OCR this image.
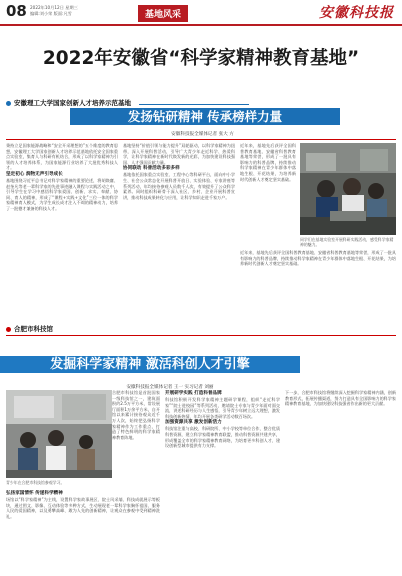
08 2022年10月12日 星期三
编辑:刘小荣 版面:凡雪	基地风采	安徽科技报
2022年安徽省“科学家精神教育基地”
安徽理工大学国家创新人才培养示范基地
发扬钻研精神 传承榜样力量
安徽科技报全媒体记者 张大 方

秉持立足国家能源战略和“安全开采理想的”五个维度的教育思想，安徽理工大学国家创新人才培养示范基地依托安全国家重点实验室，集育人与科研有机结合，形成了以科学家精神为引领的人才培养体系，为国家能源行业培养了大批优秀科技人才。

坚定初心 润物无声引导成长

基地围绕习近平总书记对科学家精神的重要论述，将胡焕庸、赵奎凡等老一辈科学家的先进事迹融入课程与实践活动之中，引导学生在学习中感悟科学家爱国、创新、求实、奉献、协同、育人的精神，形成了“课程+实践+文化”三位一体的科学家精神育人模式，为学生成长成才注入不竭的精神动力，培养了一批德才兼备的科技人才。

基地坚持“价值引领与能力提升”双轮驱动，以科学家精神为纽带，深入开展科普活动，引导广大青少年走近科学、热爱科学，让科学家精神在新时代焕发新的光彩，为加快建设科技强国、人才强国贡献力量。

协同联动 科普活动多彩多样

基地依托国家重点实验室、工程中心等科研平台，面向中小学生、社会公众常态化开展科普开放日、实验体验、专家讲座等系列活动，年均接待参观人员数千人次，有效提升了公众科学素养。同时组织科研骨干深入社区、乡村、企业开展科普宣讲，推动科技成果转化与应用，让科学知识走进千家万户。

近年来，基地先后获评全国科普教育基地、安徽省科普教育基地等荣誉，形成了一批具有影响力的科普品牌，持续推动科学家精神在青少年群体中落地生根、开花结果，为培养新时代创新人才奠定坚实基础。

近年来，基地先后获评全国科普教育基地、安徽省科普教育基地等荣誉，形成了一批具有影响力的科普品牌，持续推动科学家精神在青少年群体中落地生根、开花结果，为培养新时代创新人才奠定坚实基础。

同学们在基地实验室开展科研实践活动，感受科学家精神的魅力。
合肥市科技馆
发掘科学家精神 激活科创人才引擎
安徽科技报全媒体记者 王一 实习记者 刘丽
青少年在合肥市科技馆参观学习。

合肥市科技馆是首批国家一级科技馆之一，建筑面积约2.5万平方米，常设展厅面积1万余平方米，自开馆以来累计接待观众近千万人次，始终把弘扬科学家精神作为工作重点，打造了特色鲜明的科学家精神教育阵地。

弘扬家国情怀 传递科学精神

场馆以“科学家精神”为主线，设置科学家故事展区、院士风采墙、科技成就展示等板块，通过图文、影像、互动体验等多种方式，生动展现老一辈科学家胸怀祖国、服务人民的爱国精神，以及勇攀高峰、敢为人先的创新精神，让观众在参观中受到精神洗礼。

开展研学实践 打造科普品牌

科技馆积极开发科学家精神主题研学课程，组织“走近科学家”“院士进校园”等系列活动，邀请院士专家与青少年面对面交流，讲述科研经历与人生感悟，引导青少年树立远大理想，激发科技创新热情，年均开展各类研学活动数百场次。

加强资源共享 激发创新活力

科技馆注重与高校、科研院所、中小学校等单位合作，整合优质科普资源，建立科学家精神教育联盟，推动科普资源共建共享，形成覆盖全市的科学家精神教育网络，为培育更多科创人才、建设创新型城市提供有力支撑。

下一步，合肥市科技馆将继续深入挖掘科学家精神内涵，创新教育形式，拓展传播渠道，努力打造具有全国影响力的科学家精神教育基地，为加快建设科技强省作出新的更大贡献。
